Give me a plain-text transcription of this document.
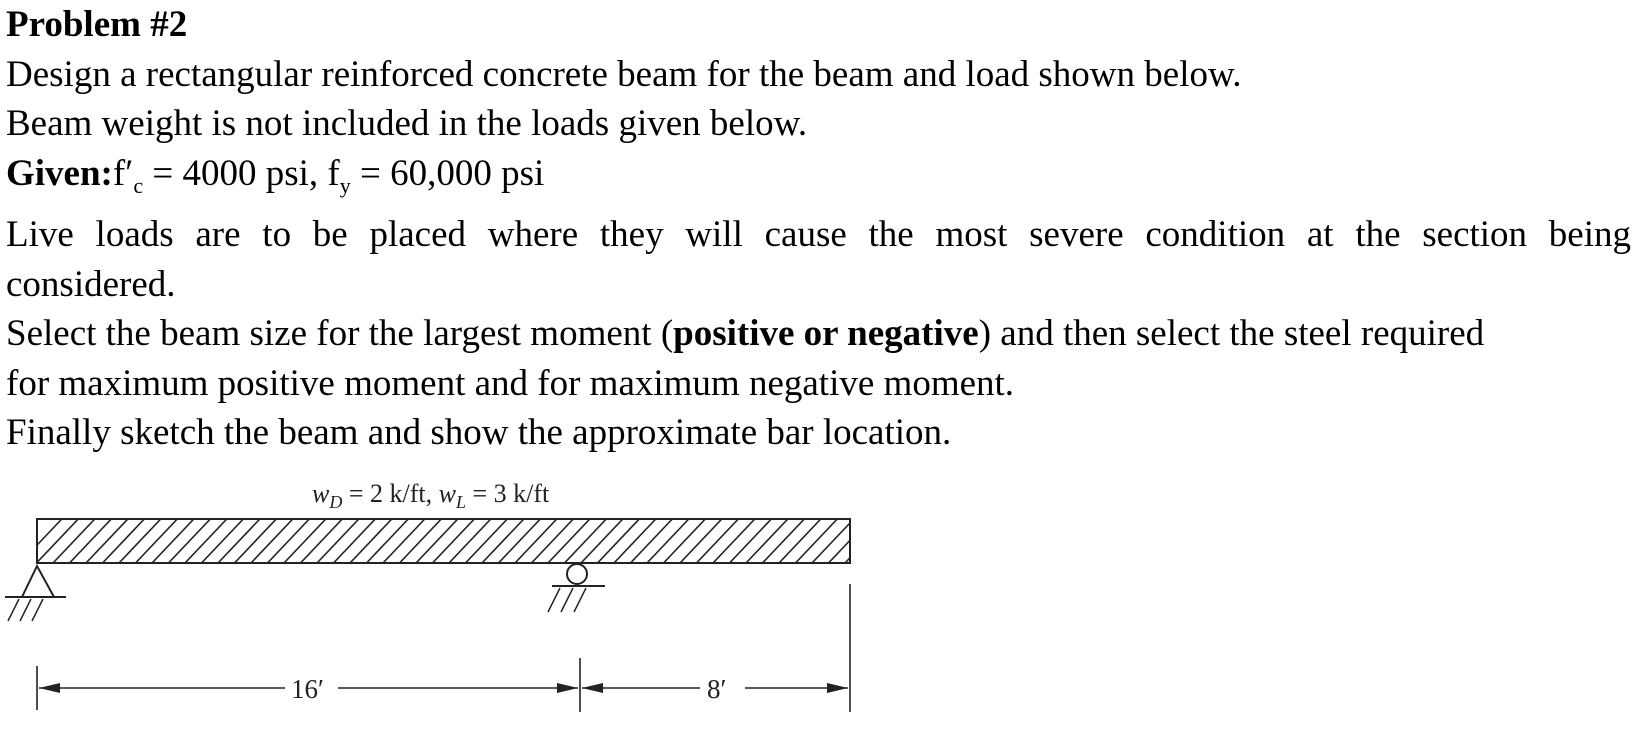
Problem #2
Design a rectangular reinforced concrete beam for the beam and load shown below.
Beam weight is not included in the loads given below.
$Given:f'_c = 4000$ psi, $f_y = 60,000$ psi
Live loads are to be placed where they will cause the most severe condition at the section being
considered.
Select the beam size for the largest moment (positive or negative) and then select the steel required
for maximum positive moment and for maximum negative moment.
Finally sketch the beam and show the approximate bar location.
$w_D = 2$ k/ft, $w_L = 3$ k/ft
16′	8′
